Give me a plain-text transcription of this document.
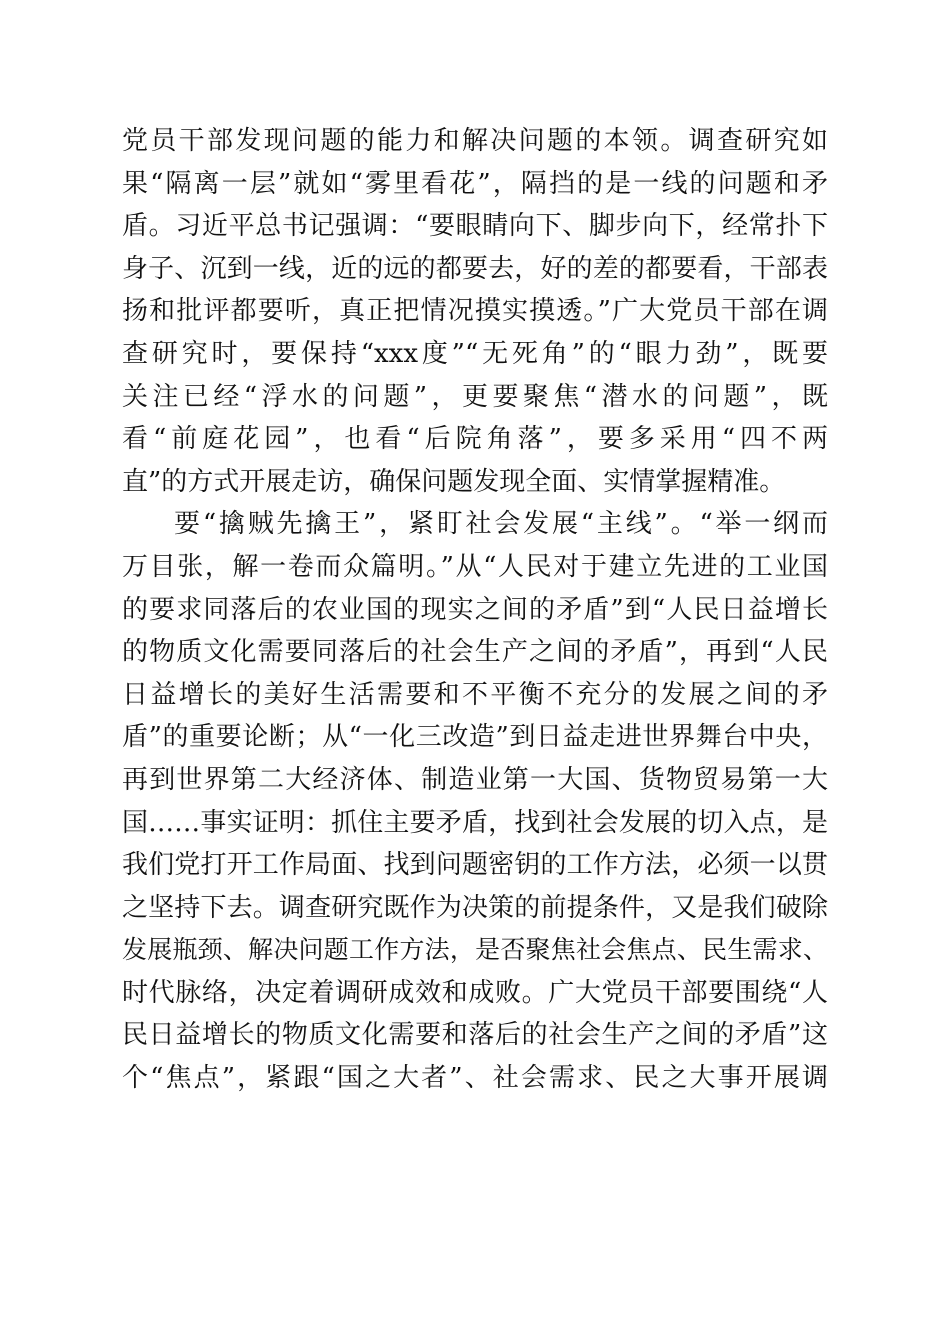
党员干部发现问题的能力和解决问题的本领。调查研究如
果“隔离一层”就如“雾里看花”，隔挡的是一线的问题和矛
盾。习近平总书记强调：“要眼睛向下、脚步向下，经常扑下
身子、沉到一线，近的远的都要去，好的差的都要看，干部表
扬和批评都要听，真正把情况摸实摸透。”广大党员干部在调
查研究时，要保持“xxx度”“无死角”的“眼力劲”，既要
关注已经“浮水的问题”，更要聚焦“潜水的问题”，既
看“前庭花园”，也看“后院角落”，要多采用“四不两
直”的方式开展走访，确保问题发现全面、实情掌握精准。
要“擒贼先擒王”，紧盯社会发展“主线”。“举一纲而
万目张，解一卷而众篇明。”从“人民对于建立先进的工业国
的要求同落后的农业国的现实之间的矛盾”到“人民日益增长
的物质文化需要同落后的社会生产之间的矛盾”，再到“人民
日益增长的美好生活需要和不平衡不充分的发展之间的矛
盾”的重要论断；从“一化三改造”到日益走进世界舞台中央，
再到世界第二大经济体、制造业第一大国、货物贸易第一大
国……事实证明：抓住主要矛盾，找到社会发展的切入点，是
我们党打开工作局面、找到问题密钥的工作方法，必须一以贯
之坚持下去。调查研究既作为决策的前提条件，又是我们破除
发展瓶颈、解决问题工作方法，是否聚焦社会焦点、民生需求、
时代脉络，决定着调研成效和成败。广大党员干部要围绕“人
民日益增长的物质文化需要和落后的社会生产之间的矛盾”这
个“焦点”，紧跟“国之大者”、社会需求、民之大事开展调
